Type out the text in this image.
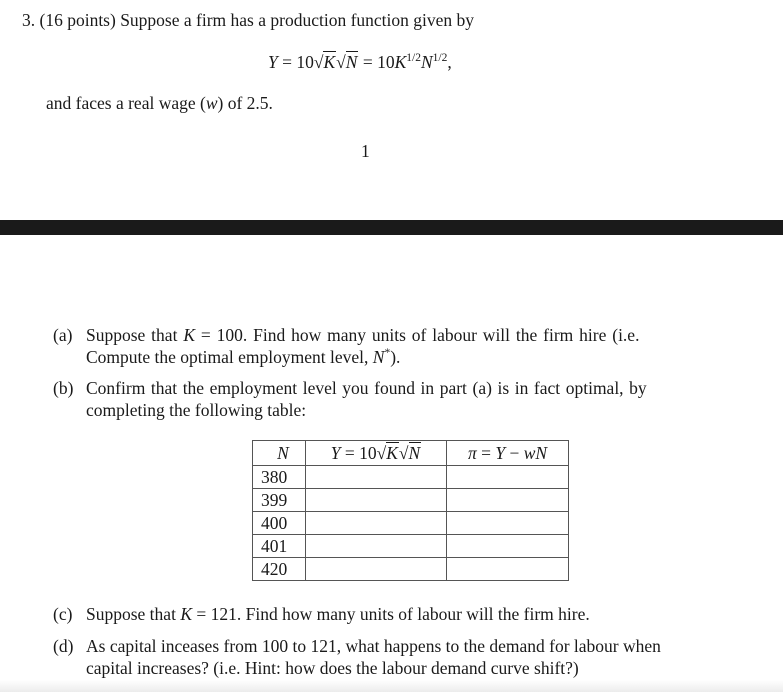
3. (16 points) Suppose a firm has a production function given by
$Y = 10√K√N = 10K^{1/2}N^{1/2}$,
and faces a real wage (w) of 2.5.
1
(a) Suppose that K = 100. Find how many units of labour will the firm hire (i.e.
Compute the optimal employment level, N*).
(b) Confirm that the employment level you found in part (a) is in fact optimal, by
completing the following table:
N	Y = 10√K√N	π = Y − wN
380		
399		
400		
401		
420		
(c) Suppose that K = 121. Find how many units of labour will the firm hire.
(d) As capital inceases from 100 to 121, what happens to the demand for labour when
capital increases? (i.e. Hint: how does the labour demand curve shift?)
